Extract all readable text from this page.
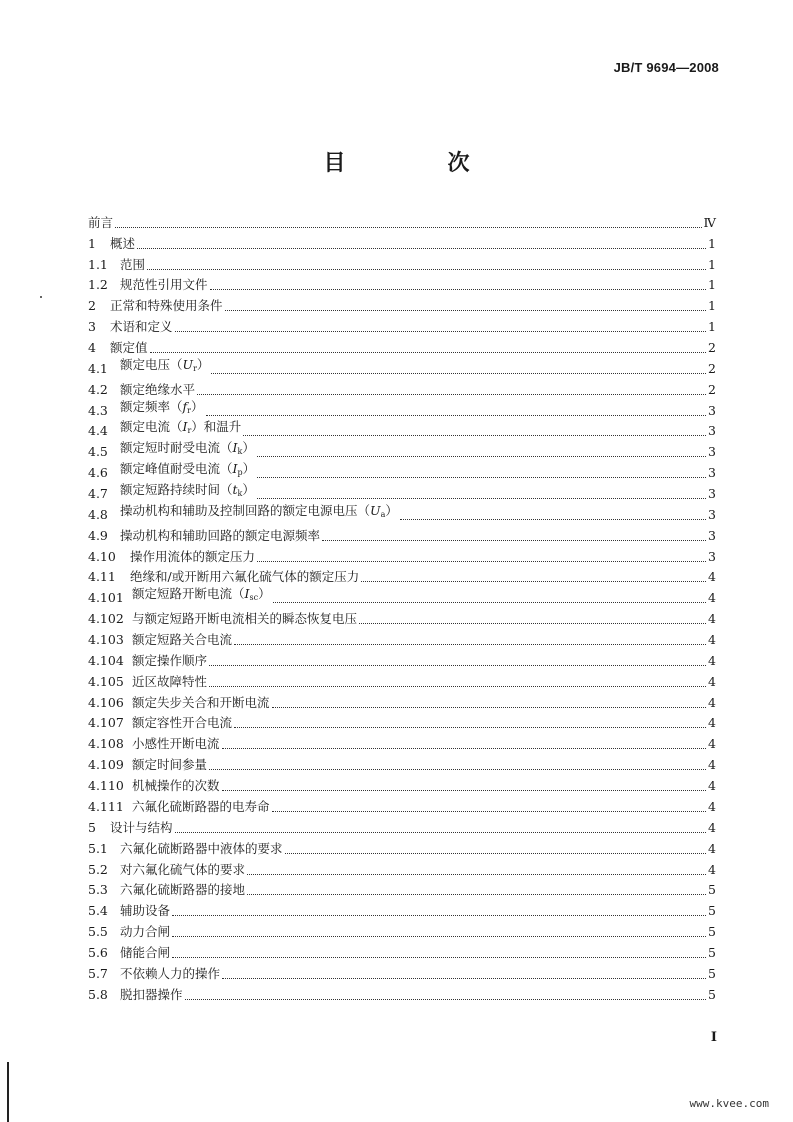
JB/T 9694—2008
目　次
前言	Ⅳ
1	概述	1
1.1 范围	1
1.2 规范性引用文件	1
2	正常和特殊使用条件	1
3	术语和定义	1
4	额定值	2
4.1 额定电压$(U_r)$	2
4.2 额定绝缘水平	2
4.3 额定频率$(f_r)$	3
4.4 额定电流$(I_r)$和温升	3
4.5 额定短时耐受电流$(I_k)$	3
4.6 额定峰值耐受电流$(I_p)$	3
4.7 额定短路持续时间$(t_k)$	3
4.8 操动机构和辅助及控制回路的额定电源电压$(U_a)$	3
4.9 操动机构和辅助回路的额定电源频率	3
4.10	操作用流体的额定压力	3
4.11	绝缘和/或开断用六氟化硫气体的额定压力	4
4.101 额定短路开断电流$(I_{sc})$	4
4.102 与额定短路开断电流相关的瞬态恢复电压	4
4.103 额定短路关合电流	4
4.104 额定操作顺序	4
4.105 近区故障特性	4
4.106 额定失步关合和开断电流	4
4.107 额定容性开合电流	4
4.108 小感性开断电流	4
4.109 额定时间参量	4
4.110 机械操作的次数	4
4.111 六氟化硫断路器的电寿命	4
5	设计与结构	4
5.1 六氟化硫断路器中液体的要求	4
5.2 对六氟化硫气体的要求	4
5.3 六氟化硫断路器的接地	5
5.4 辅助设备	5
5.5 动力合闸	5
5.6 储能合闸	5
5.7 不依赖人力的操作	5
5.8 脱扣器操作	5
I
www.kvee.com
